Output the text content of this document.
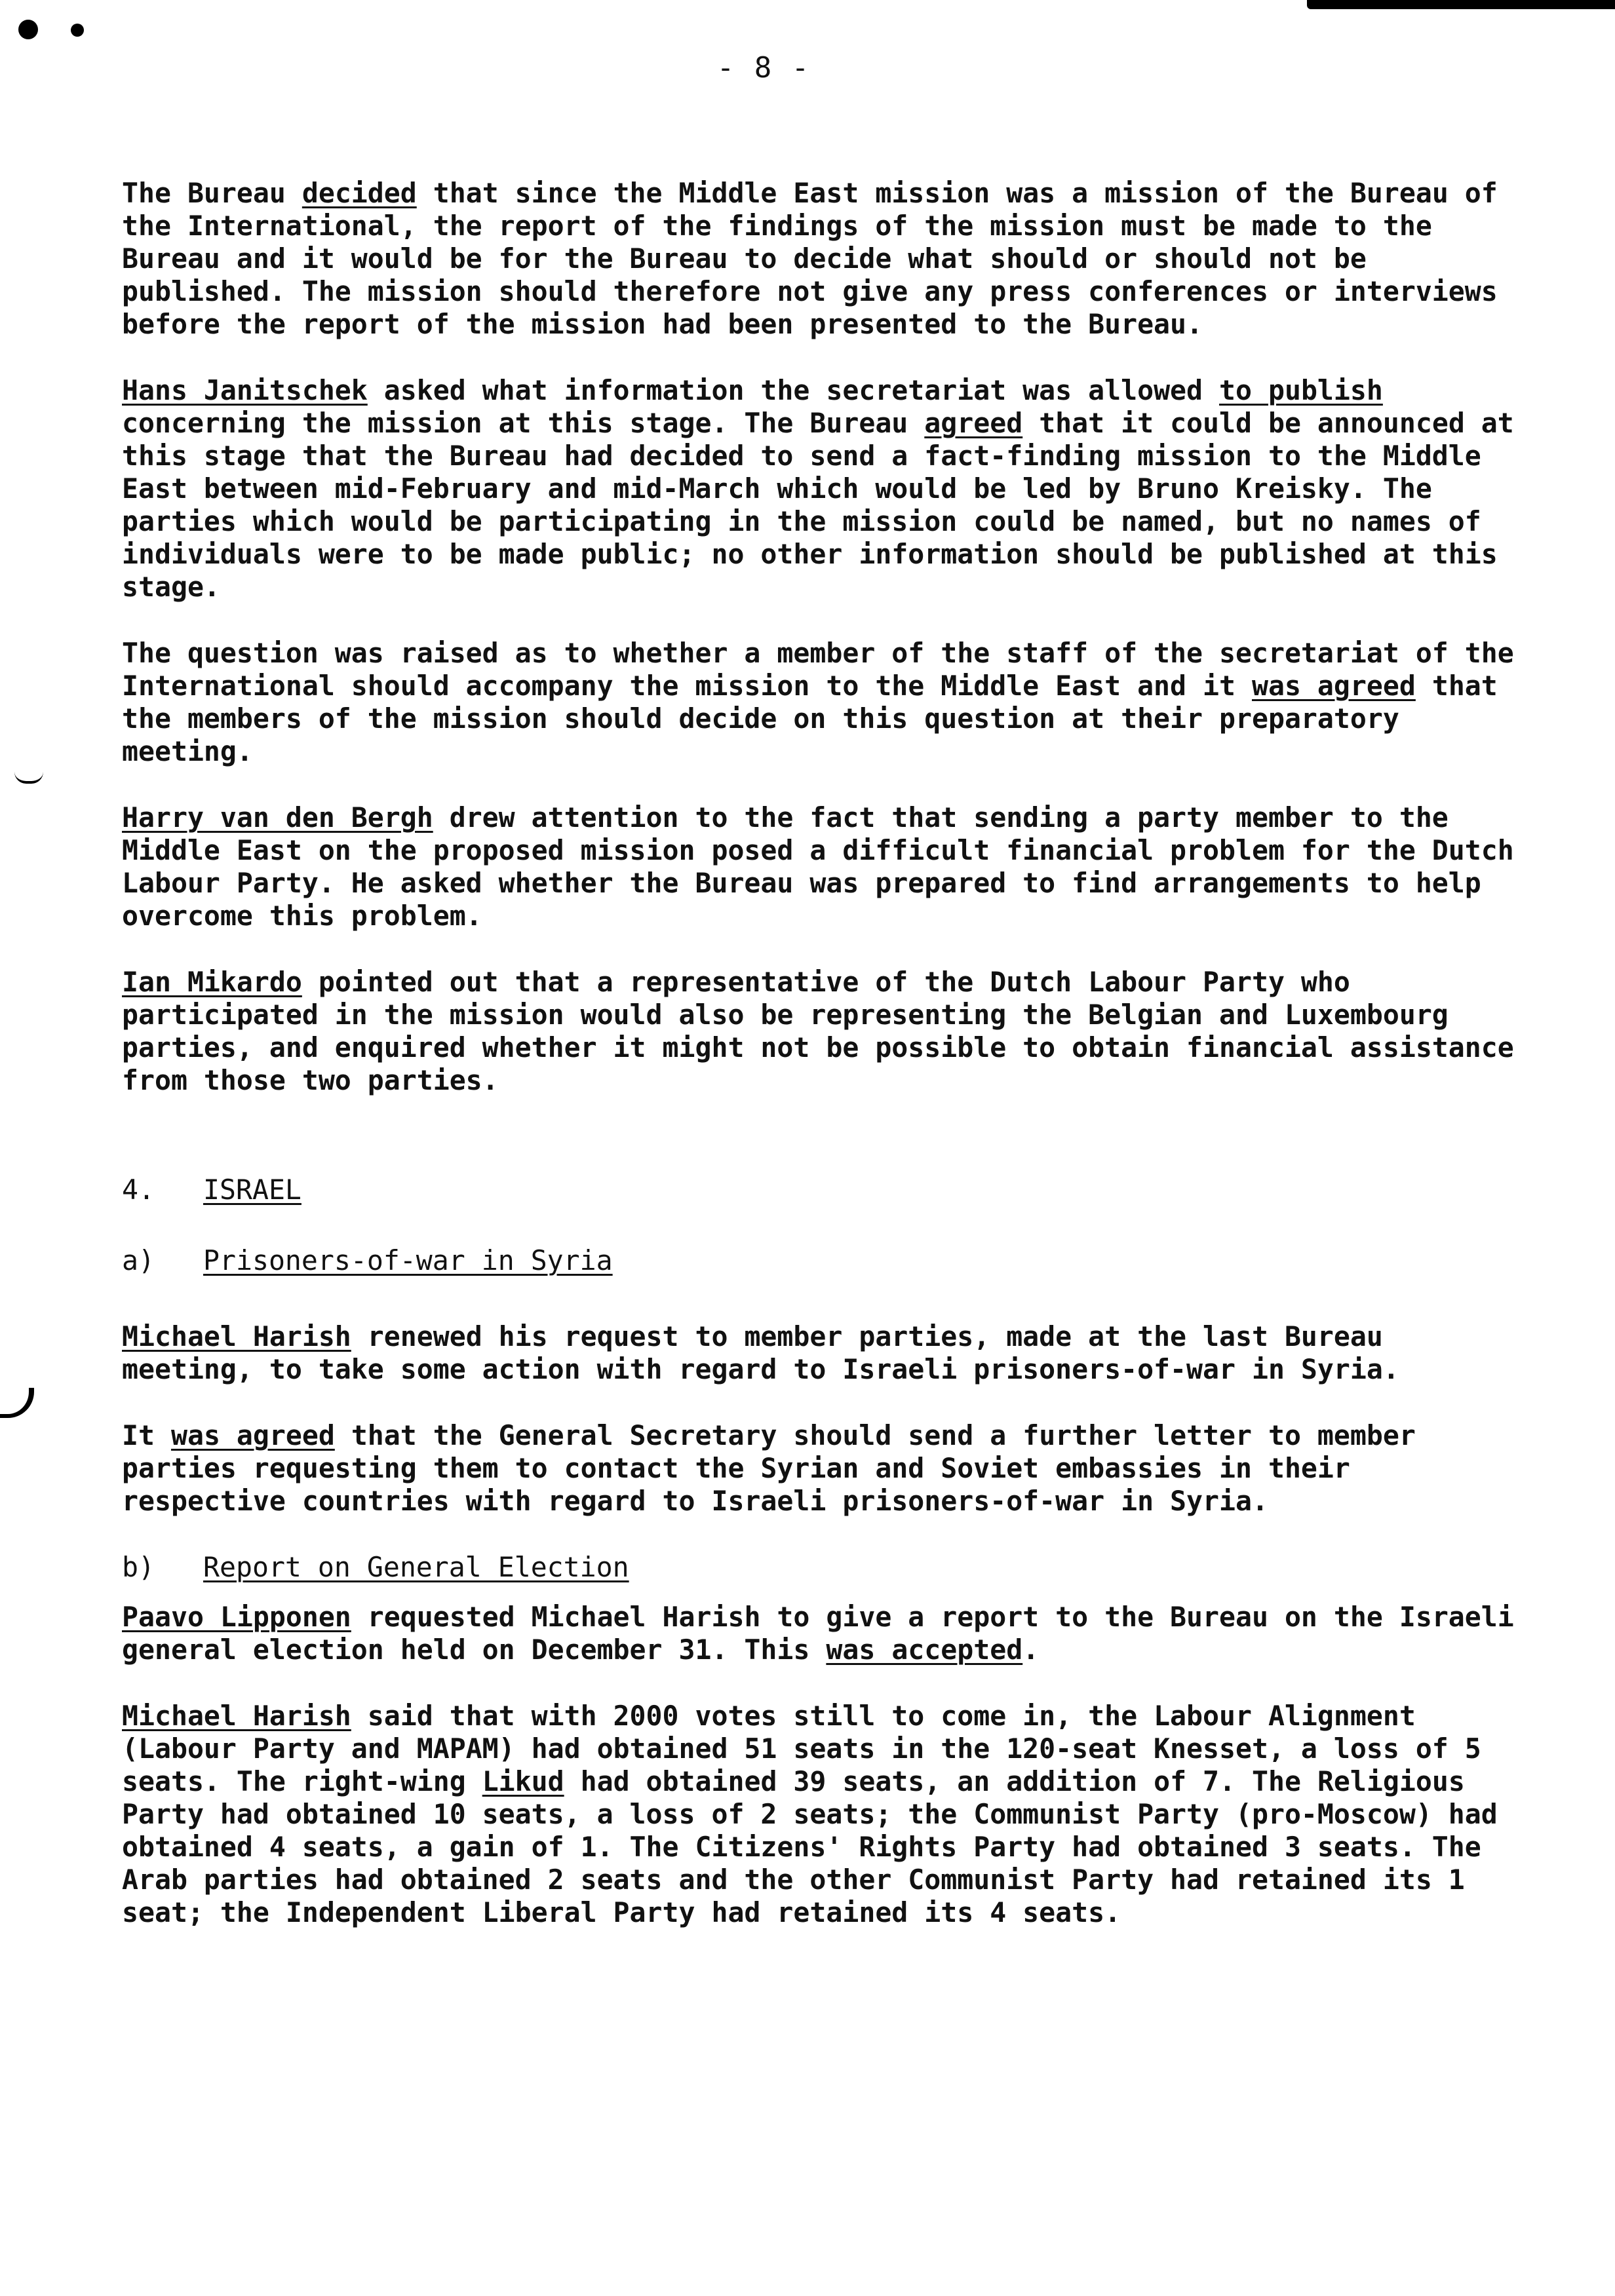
- 8 -

The Bureau decided that since the Middle East mission was a mission of the Bureau of the International, the report of the findings of the mission must be made to the Bureau and it would be for the Bureau to decide what should or should not be published. The mission should therefore not give any press conferences or interviews before the report of the mission had been presented to the Bureau.

Hans Janitschek asked what information the secretariat was allowed to publish concerning the mission at this stage. The Bureau agreed that it could be announced at this stage that the Bureau had decided to send a fact-finding mission to the Middle East between mid-February and mid-March which would be led by Bruno Kreisky. The parties which would be participating in the mission could be named, but no names of individuals were to be made public; no other information should be published at this stage.

The question was raised as to whether a member of the staff of the secretariat of the International should accompany the mission to the Middle East and it was agreed that the members of the mission should decide on this question at their preparatory meeting.

Harry van den Bergh drew attention to the fact that sending a party member to the Middle East on the proposed mission posed a difficult financial problem for the Dutch Labour Party. He asked whether the Bureau was prepared to find arrangements to help overcome this problem.

Ian Mikardo pointed out that a representative of the Dutch Labour Party who participated in the mission would also be representing the Belgian and Luxembourg parties, and enquired whether it might not be possible to obtain financial assistance from those two parties.

4. ISRAEL

a) Prisoners-of-war in Syria

Michael Harish renewed his request to member parties, made at the last Bureau meeting, to take some action with regard to Israeli prisoners-of-war in Syria.

It was agreed that the General Secretary should send a further letter to member parties requesting them to contact the Syrian and Soviet embassies in their respective countries with regard to Israeli prisoners-of-war in Syria.

b) Report on General Election

Paavo Lipponen requested Michael Harish to give a report to the Bureau on the Israeli general election held on December 31. This was accepted.

Michael Harish said that with 2000 votes still to come in, the Labour Alignment (Labour Party and MAPAM) had obtained 51 seats in the 120-seat Knesset, a loss of 5 seats. The right-wing Likud had obtained 39 seats, an addition of 7. The Religious Party had obtained 10 seats, a loss of 2 seats; the Communist Party (pro-Moscow) had obtained 4 seats, a gain of 1. The Citizens' Rights Party had obtained 3 seats. The Arab parties had obtained 2 seats and the other Communist Party had retained its 1 seat; the Independent Liberal Party had retained its 4 seats.
